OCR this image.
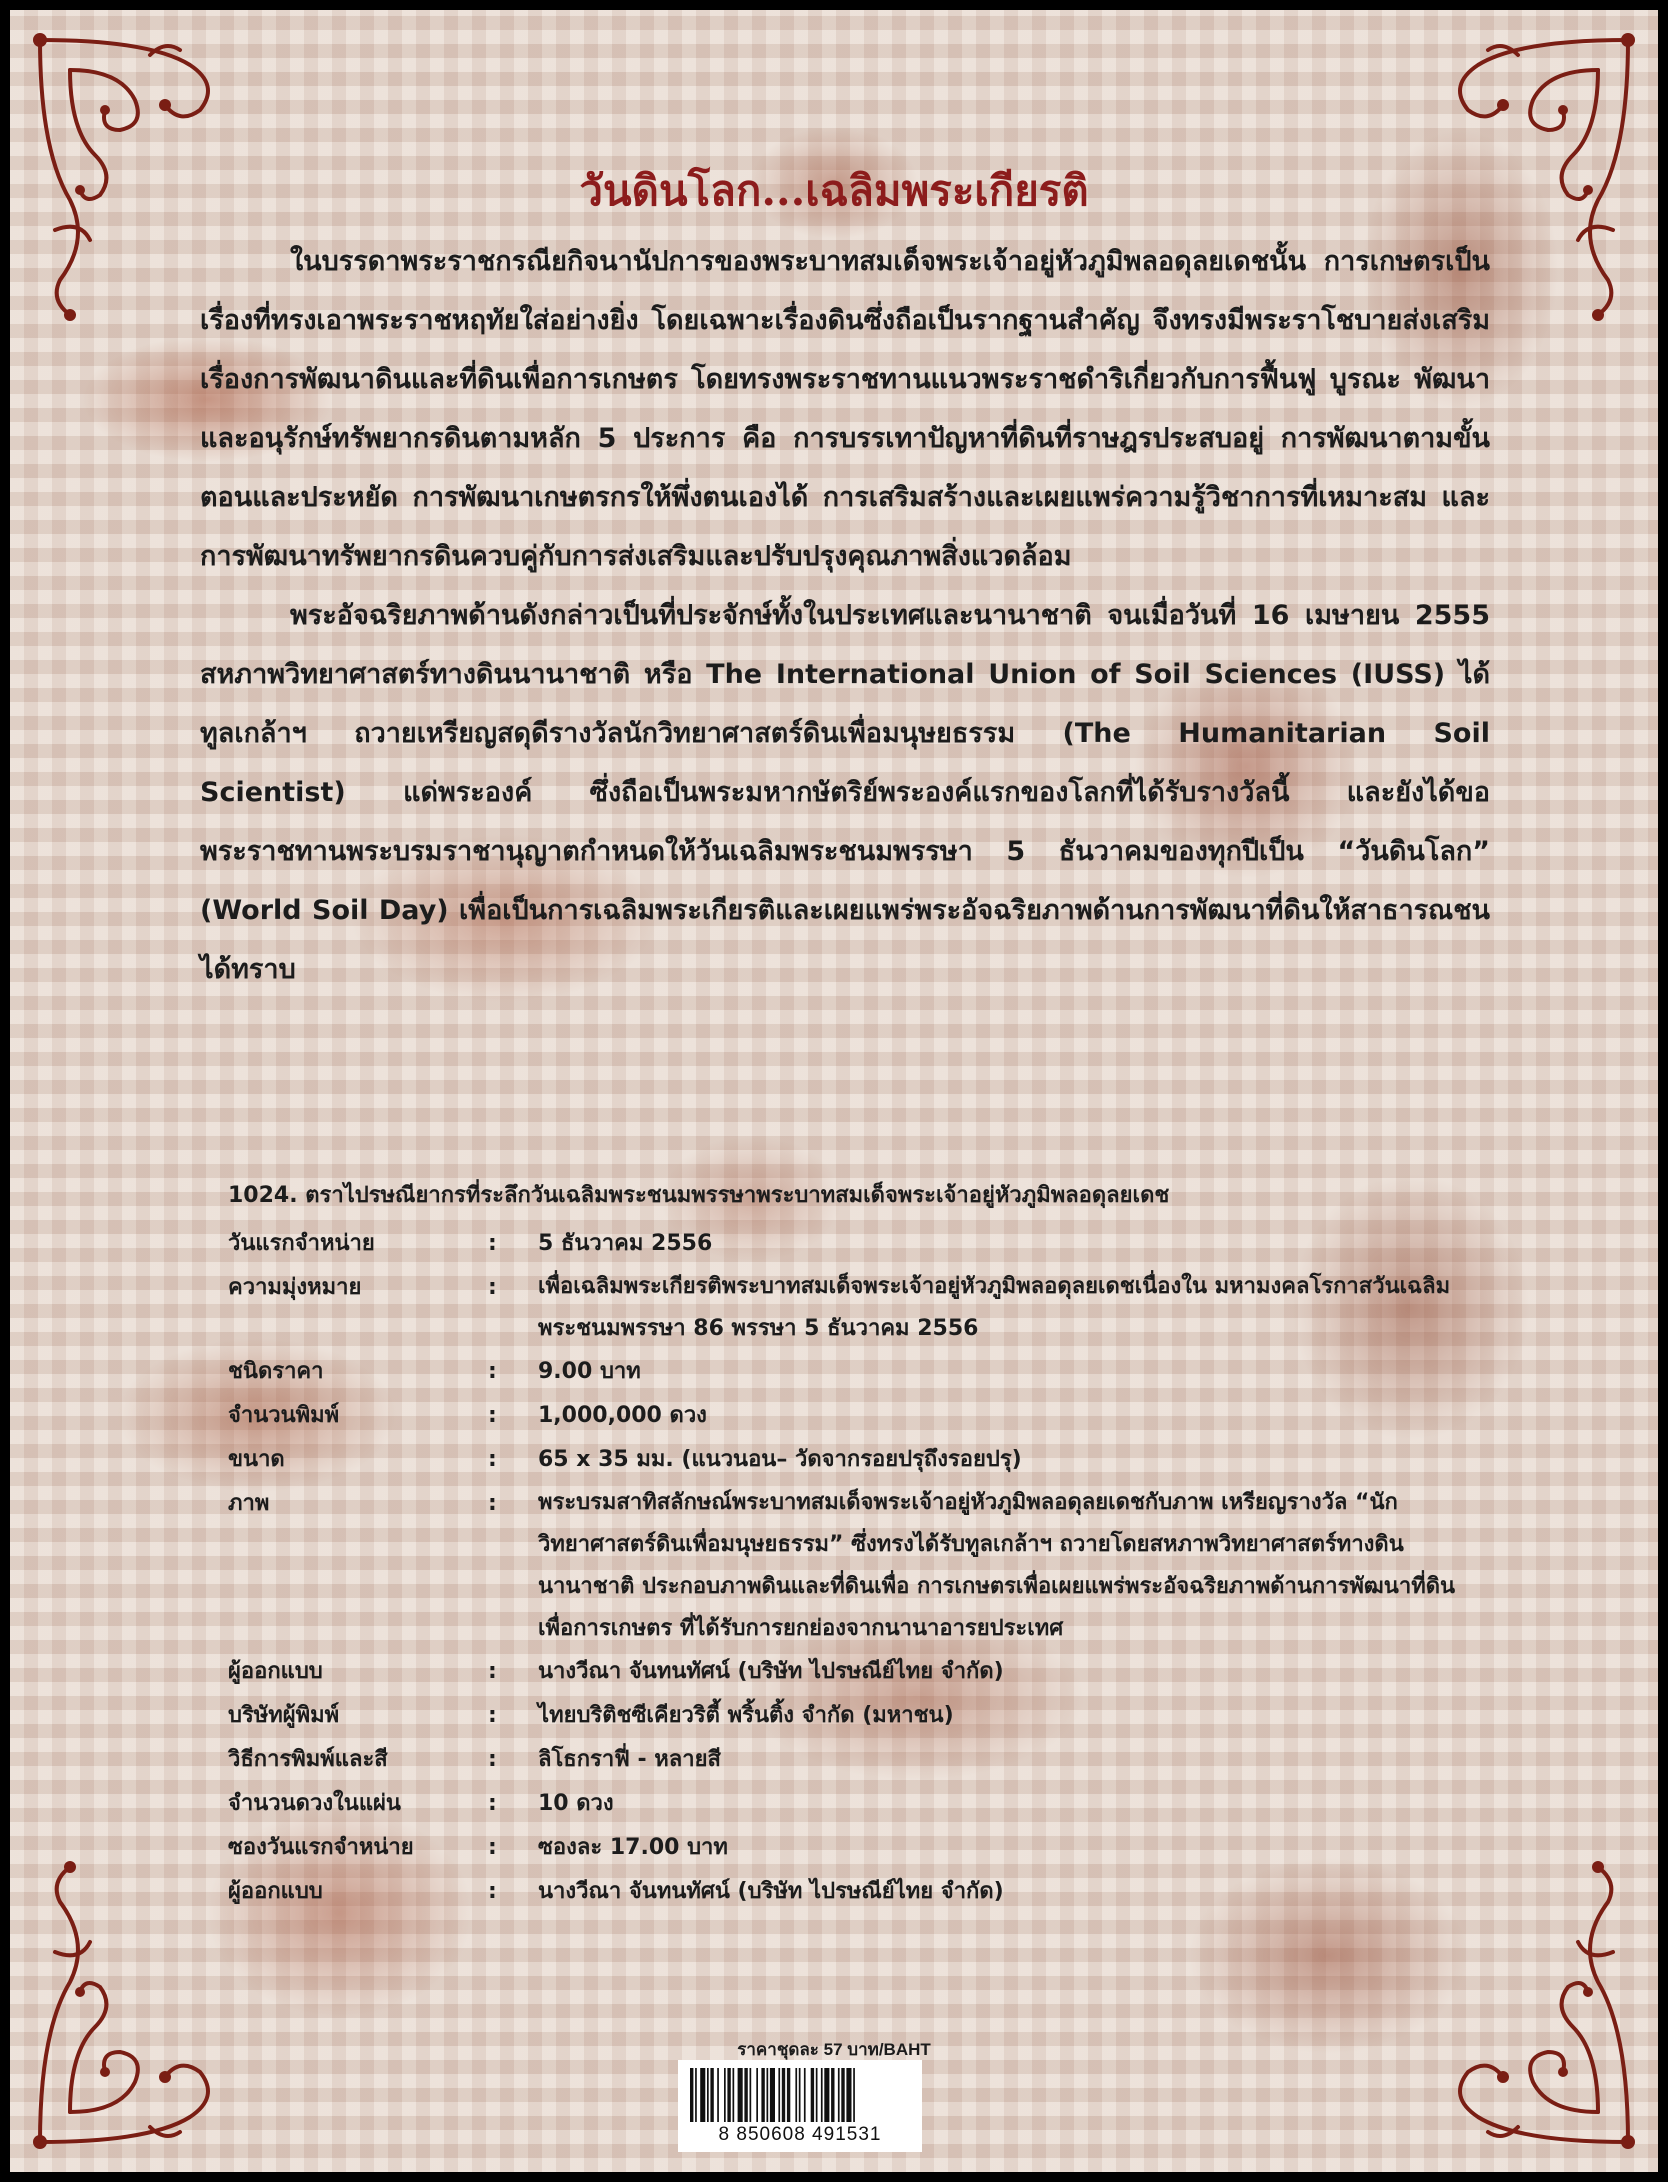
วันดินโลก...เฉลิมพระเกียรติ

ในบรรดาพระราชกรณียกิจนานัปการของพระบาทสมเด็จพระเจ้าอยู่หัวภูมิพลอดุลยเดชนั้น การเกษตรเป็นเรื่องที่ทรงเอาพระราชหฤทัยใส่อย่างยิ่ง โดยเฉพาะเรื่องดินซึ่งถือเป็นรากฐานสำคัญ จึงทรงมีพระราโชบายส่งเสริมเรื่องการพัฒนาดินและที่ดินเพื่อการเกษตร โดยทรงพระราชทานแนวพระราชดำริเกี่ยวกับการฟื้นฟู บูรณะ พัฒนา และอนุรักษ์ทรัพยากรดินตามหลัก 5 ประการ คือ การบรรเทาปัญหาที่ดินที่ราษฎรประสบอยู่ การพัฒนาตามขั้นตอนและประหยัด การพัฒนาเกษตรกรให้พึ่งตนเองได้ การเสริมสร้างและเผยแพร่ความรู้วิชาการที่เหมาะสม และการพัฒนาทรัพยากรดินควบคู่กับการส่งเสริมและปรับปรุงคุณภาพสิ่งแวดล้อม

พระอัจฉริยภาพด้านดังกล่าวเป็นที่ประจักษ์ทั้งในประเทศและนานาชาติ จนเมื่อวันที่ 16 เมษายน 2555 สหภาพวิทยาศาสตร์ทางดินนานาชาติ หรือ The International Union of Soil Sciences (IUSS) ได้ทูลเกล้าฯ ถวายเหรียญสดุดีรางวัลนักวิทยาศาสตร์ดินเพื่อมนุษยธรรม (The Humanitarian Soil Scientist) แด่พระองค์ ซึ่งถือเป็นพระมหากษัตริย์พระองค์แรกของโลกที่ได้รับรางวัลนี้ และยังได้ขอพระราชทานพระบรมราชานุญาตกำหนดให้วันเฉลิมพระชนมพรรษา 5 ธันวาคมของทุกปีเป็น “วันดินโลก” (World Soil Day) เพื่อเป็นการเฉลิมพระเกียรติและเผยแพร่พระอัจฉริยภาพด้านการพัฒนาที่ดินให้สาธารณชนได้ทราบ

1024. ตราไปรษณียากรที่ระลึกวันเฉลิมพระชนมพรรษาพระบาทสมเด็จพระเจ้าอยู่หัวภูมิพลอดุลยเดช
วันแรกจำหน่าย	:	5 ธันวาคม 2556
ความมุ่งหมาย	:	เพื่อเฉลิมพระเกียรติพระบาทสมเด็จพระเจ้าอยู่หัวภูมิพลอดุลยเดชเนื่องใน มหามงคลโรกาสวันเฉลิมพระชนมพรรษา 86 พรรษา 5 ธันวาคม 2556
ชนิดราคา	:	9.00 บาท
จำนวนพิมพ์	:	1,000,000 ดวง
ขนาด	:	65 x 35 มม. (แนวนอน– วัดจากรอยปรุถึงรอยปรุ)
ภาพ	:	พระบรมสาทิสลักษณ์พระบาทสมเด็จพระเจ้าอยู่หัวภูมิพลอดุลยเดชกับภาพ เหรียญรางวัล “นักวิทยาศาสตร์ดินเพื่อมนุษยธรรม” ซึ่งทรงได้รับทูลเกล้าฯ ถวายโดยสหภาพวิทยาศาสตร์ทางดินนานาชาติ ประกอบภาพดินและที่ดินเพื่อ การเกษตรเพื่อเผยแพร่พระอัจฉริยภาพด้านการพัฒนาที่ดินเพื่อการเกษตร ที่ได้รับการยกย่องจากนานาอารยประเทศ
ผู้ออกแบบ	:	นางวีณา จันทนทัศน์ (บริษัท ไปรษณีย์ไทย จำกัด)
บริษัทผู้พิมพ์	:	ไทยบริติชซีเคียวริตี้ พริ้นติ้ง จำกัด (มหาชน)
วิธีการพิมพ์และสี	:	ลิโธกราฟี่ - หลายสี
จำนวนดวงในแผ่น	:	10 ดวง
ซองวันแรกจำหน่าย	:	ซองละ 17.00 บาท
ผู้ออกแบบ	:	นางวีณา จันทนทัศน์ (บริษัท ไปรษณีย์ไทย จำกัด)
ราคาชุดละ 57 บาท/BAHT
8 850608 491531
